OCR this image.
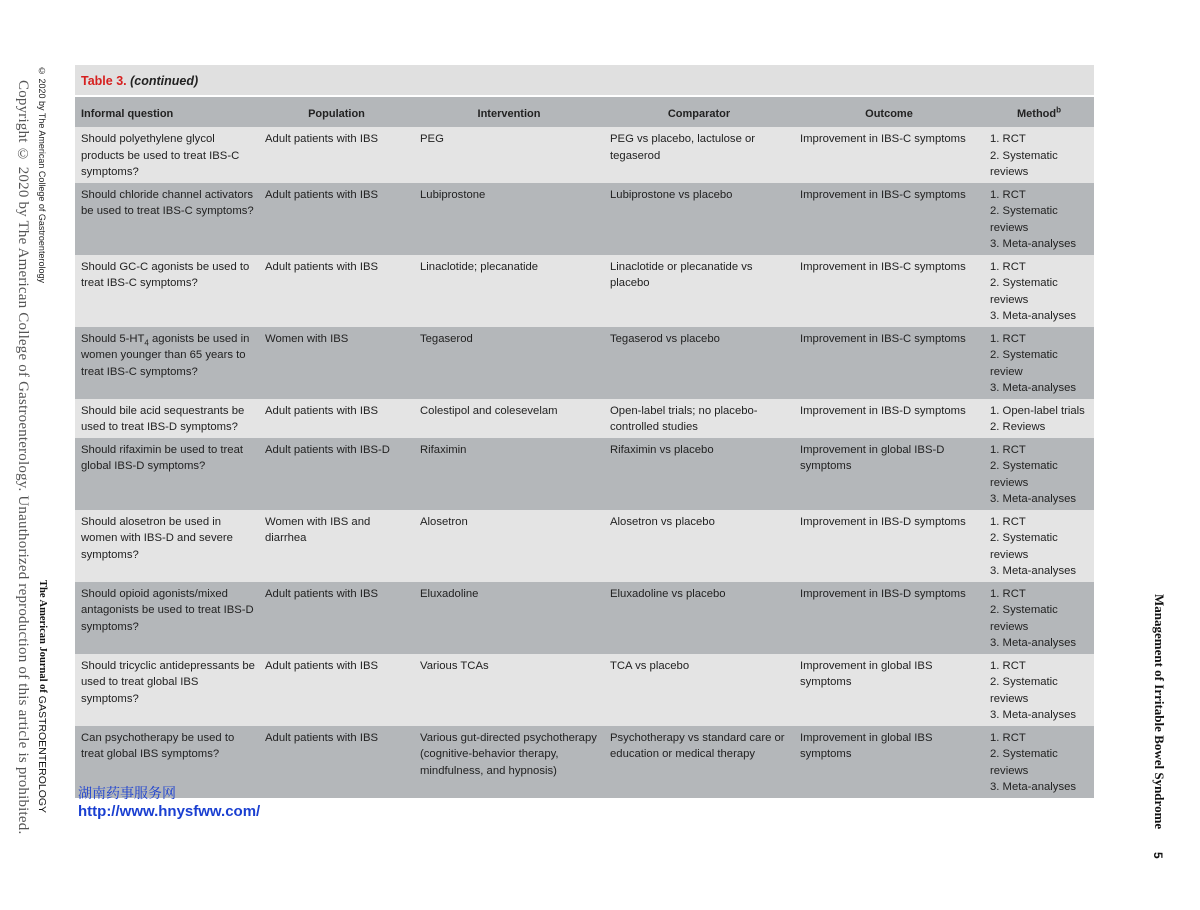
Copyright © 2020 by The American College of Gastroenterology. Unauthorized reproduction of this article is prohibited. © 2020 by The American College of Gastroenterology
The American Journal of GASTROENTEROLOGY	Management of Irritable Bowel Syndrome
5
Table 3. (continued)
Informal question	Population	Intervention	Comparator	Outcome	Method$^b$
Should polyethylene glycol products be used to treat IBS-C symptoms?	Adult patients with IBS	PEG	PEG vs placebo, lactulose or tegaserod	Improvement in IBS-C symptoms	1. RCT
2. Systematic reviews

Should chloride channel activators be used to treat IBS-C symptoms?	Adult patients with IBS	Lubiprostone	Lubiprostone vs placebo	Improvement in IBS-C symptoms	1. RCT
2. Systematic reviews
3. Meta-analyses

Should GC-C agonists be used to treat IBS-C symptoms?	Adult patients with IBS	Linaclotide; plecanatide	Linaclotide or plecanatide vs placebo	Improvement in IBS-C symptoms	1. RCT
2. Systematic reviews
3. Meta-analyses

Should $5-HT_4$ agonists be used in women younger than 65 years to treat IBS-C symptoms?	Women with IBS	Tegaserod	Tegaserod vs placebo	Improvement in IBS-C symptoms	1. RCT
2. Systematic review
3. Meta-analyses

Should bile acid sequestrants be used to treat IBS-D symptoms?	Adult patients with IBS	Colestipol and colesevelam	Open-label trials; no placebo-controlled studies	Improvement in IBS-D symptoms	1. Open-label trials
2. Reviews

Should rifaximin be used to treat global IBS-D symptoms?	Adult patients with IBS-D	Rifaximin	Rifaximin vs placebo	Improvement in global IBS-D symptoms	1. RCT
2. Systematic reviews
3. Meta-analyses

Should alosetron be used in women with IBS-D and severe symptoms?	Women with IBS and diarrhea	Alosetron	Alosetron vs placebo	Improvement in IBS-D symptoms	1. RCT
2. Systematic reviews
3. Meta-analyses

Should opioid agonists/mixed antagonists be used to treat IBS-D symptoms?	Adult patients with IBS	Eluxadoline	Eluxadoline vs placebo	Improvement in IBS-D symptoms	1. RCT
2. Systematic reviews
3. Meta-analyses

Should tricyclic antidepressants be used to treat global IBS symptoms?	Adult patients with IBS	Various TCAs	TCA vs placebo	Improvement in global IBS symptoms	1. RCT
2. Systematic reviews
3. Meta-analyses

Can psychotherapy be used to treat global IBS symptoms?	Adult patients with IBS	Various gut-directed psychotherapy (cognitive-behavior therapy, mindfulness, and hypnosis)	Psychotherapy vs standard care or education or medical therapy	Improvement in global IBS symptoms	1. RCT
2. Systematic reviews
3. Meta-analyses
湖南药事服务网
http://www.hnysfww.com/
